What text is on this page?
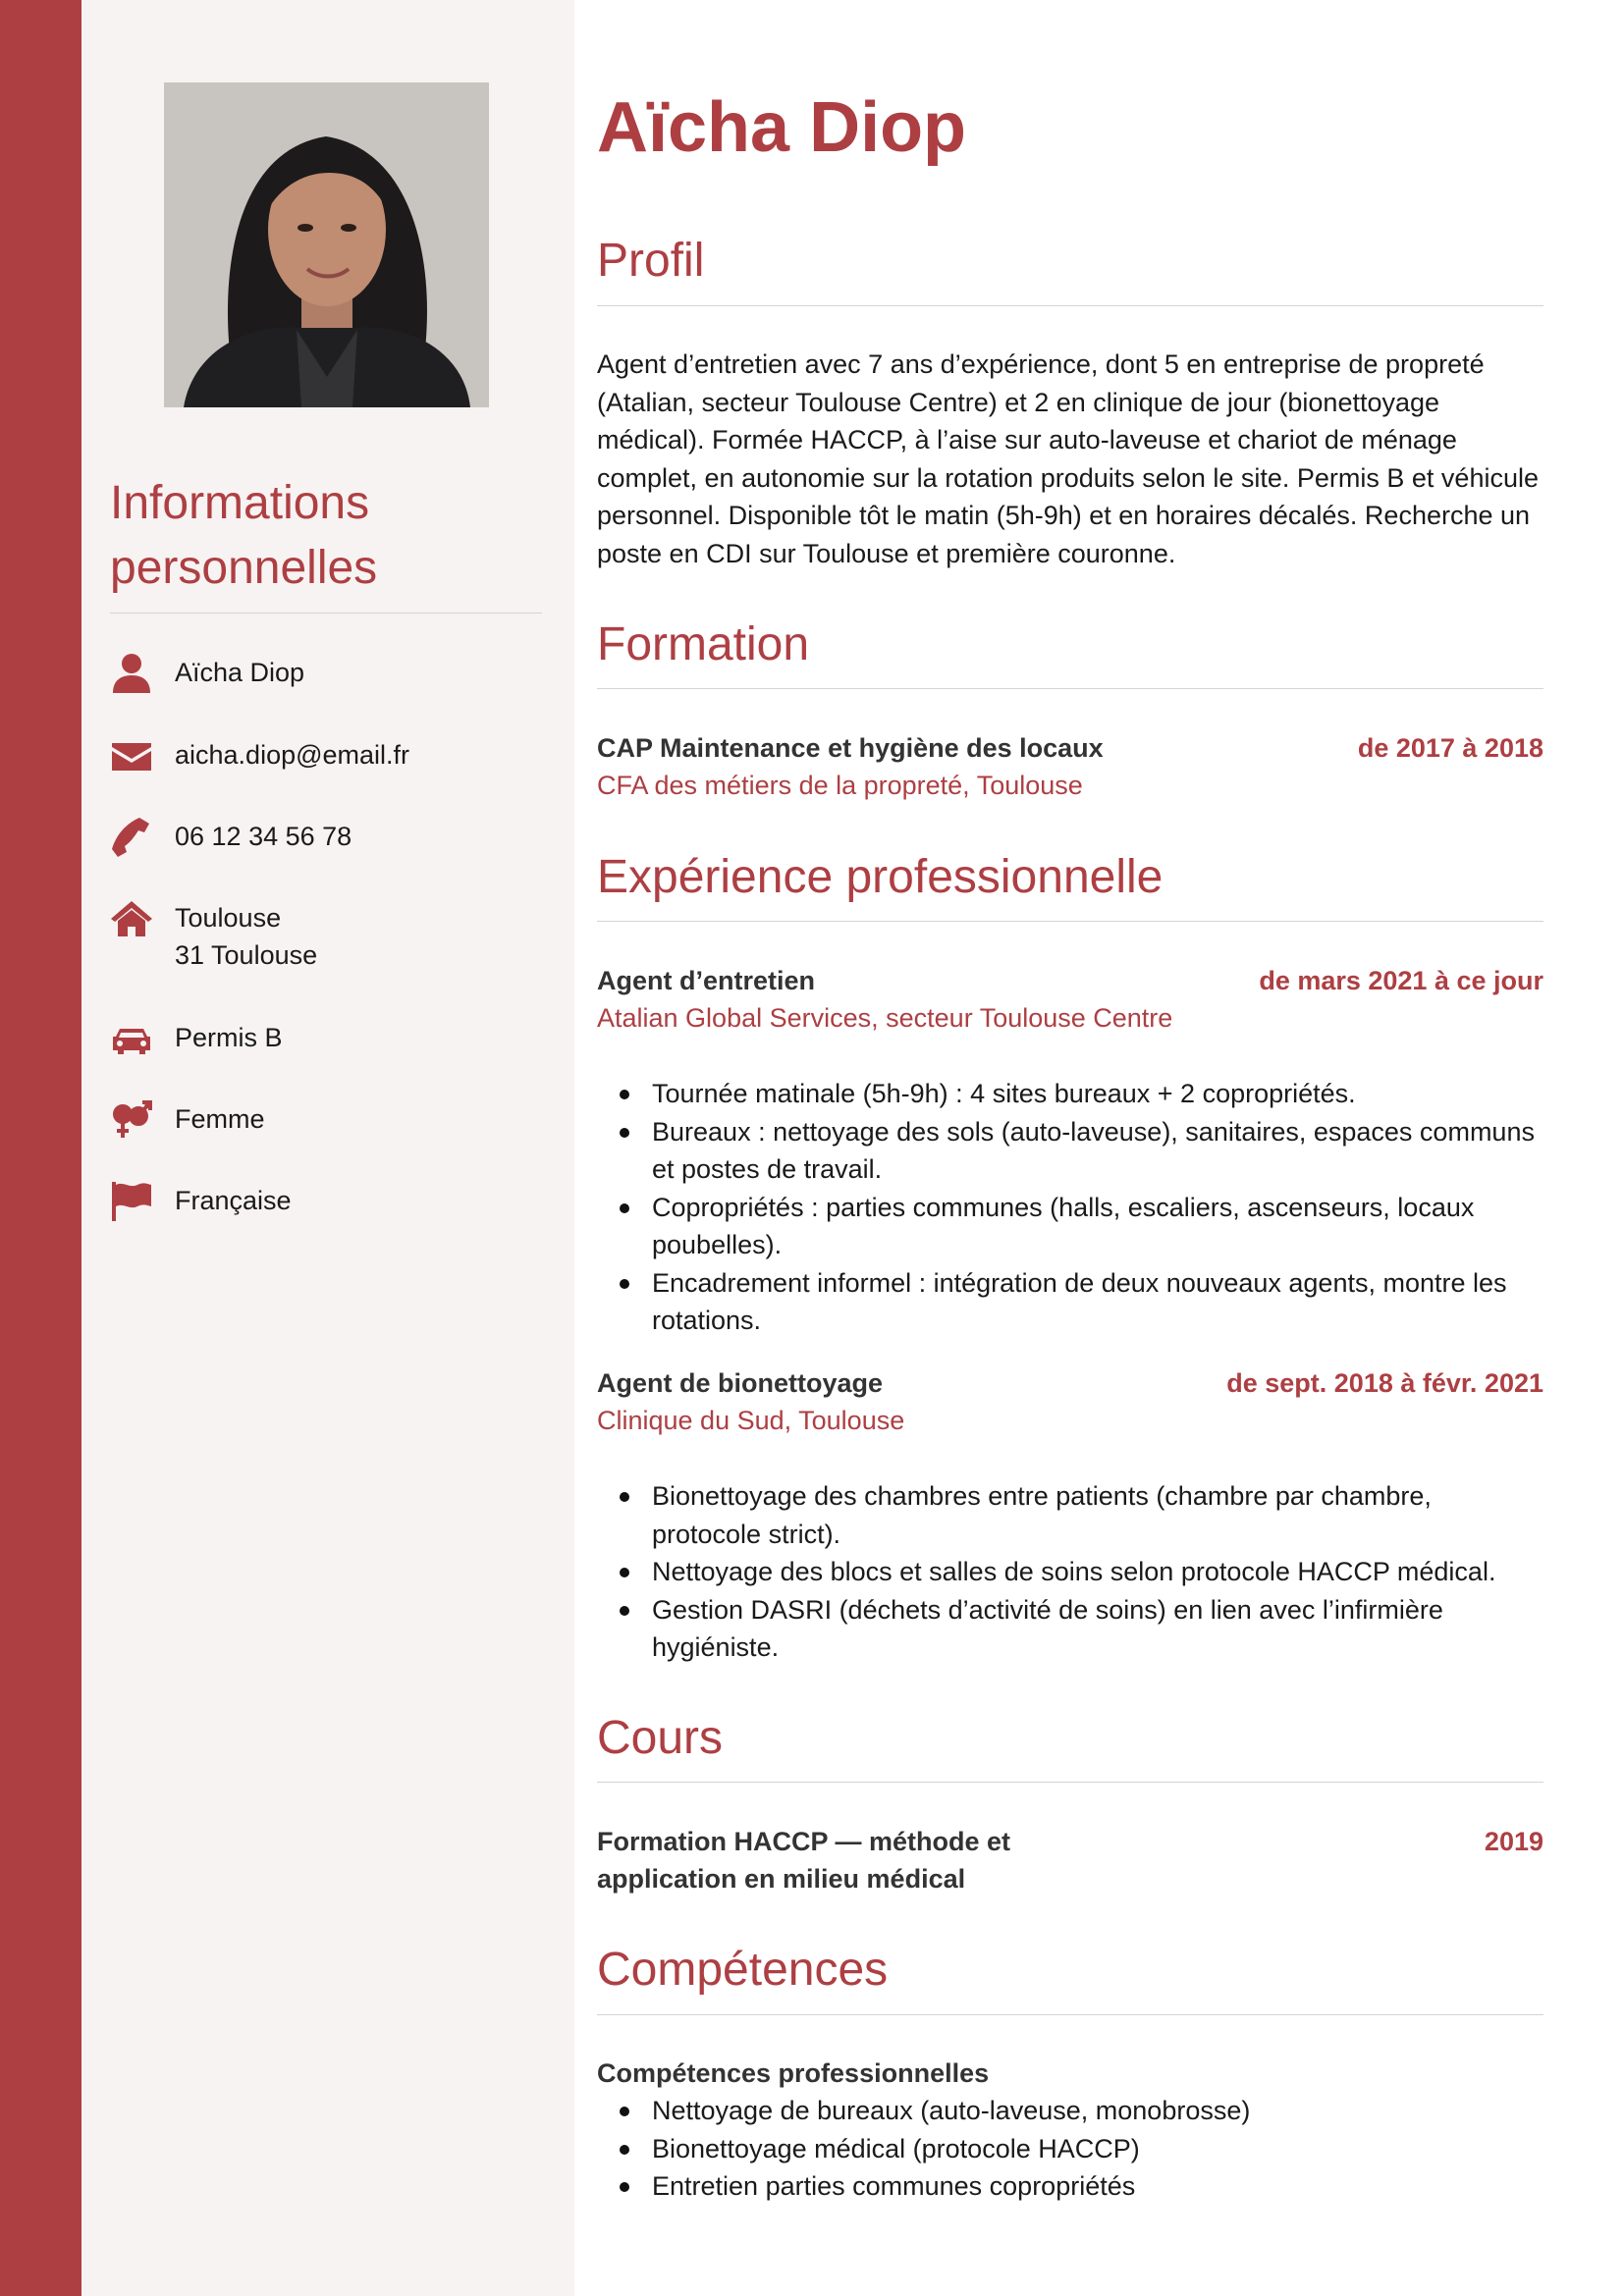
Informations
personnelles
Aïcha Diop
aicha.diop@email.fr
06 12 34 56 78
Toulouse
31 Toulouse
Permis B
Femme
Française
Aïcha Diop
Profil

Agent d’entretien avec 7 ans d’expérience, dont 5 en entreprise de propreté (Atalian, secteur Toulouse Centre) et 2 en clinique de jour (bionettoyage médical). Formée HACCP, à l’aise sur auto-laveuse et chariot de ménage complet, en autonomie sur la rotation produits selon le site. Permis B et véhicule personnel. Disponible tôt le matin (5h-9h) et en horaires décalés. Recherche un poste en CDI sur Toulouse et première couronne.

Formation
CAP Maintenance et hygiène des locaux	de 2017 à 2018
CFA des métiers de la propreté, Toulouse
Expérience professionnelle
Agent d’entretien	de mars 2021 à ce jour
Atalian Global Services, secteur Toulouse Centre
Tournée matinale (5h-9h) : 4 sites bureaux + 2 copropriétés.
Bureaux : nettoyage des sols (auto-laveuse), sanitaires, espaces communs et postes de travail.
Copropriétés : parties communes (halls, escaliers, ascenseurs, locaux poubelles).
Encadrement informel : intégration de deux nouveaux agents, montre les rotations.
Agent de bionettoyage	de sept. 2018 à févr. 2021
Clinique du Sud, Toulouse
Bionettoyage des chambres entre patients (chambre par chambre, protocole strict).
Nettoyage des blocs et salles de soins selon protocole HACCP médical.
Gestion DASRI (déchets d’activité de soins) en lien avec l’infirmière hygiéniste.
Cours
Formation HACCP — méthode et
application en milieu médical
2019
Compétences
Compétences professionnelles
Nettoyage de bureaux (auto-laveuse, monobrosse)
Bionettoyage médical (protocole HACCP)
Entretien parties communes copropriétés
